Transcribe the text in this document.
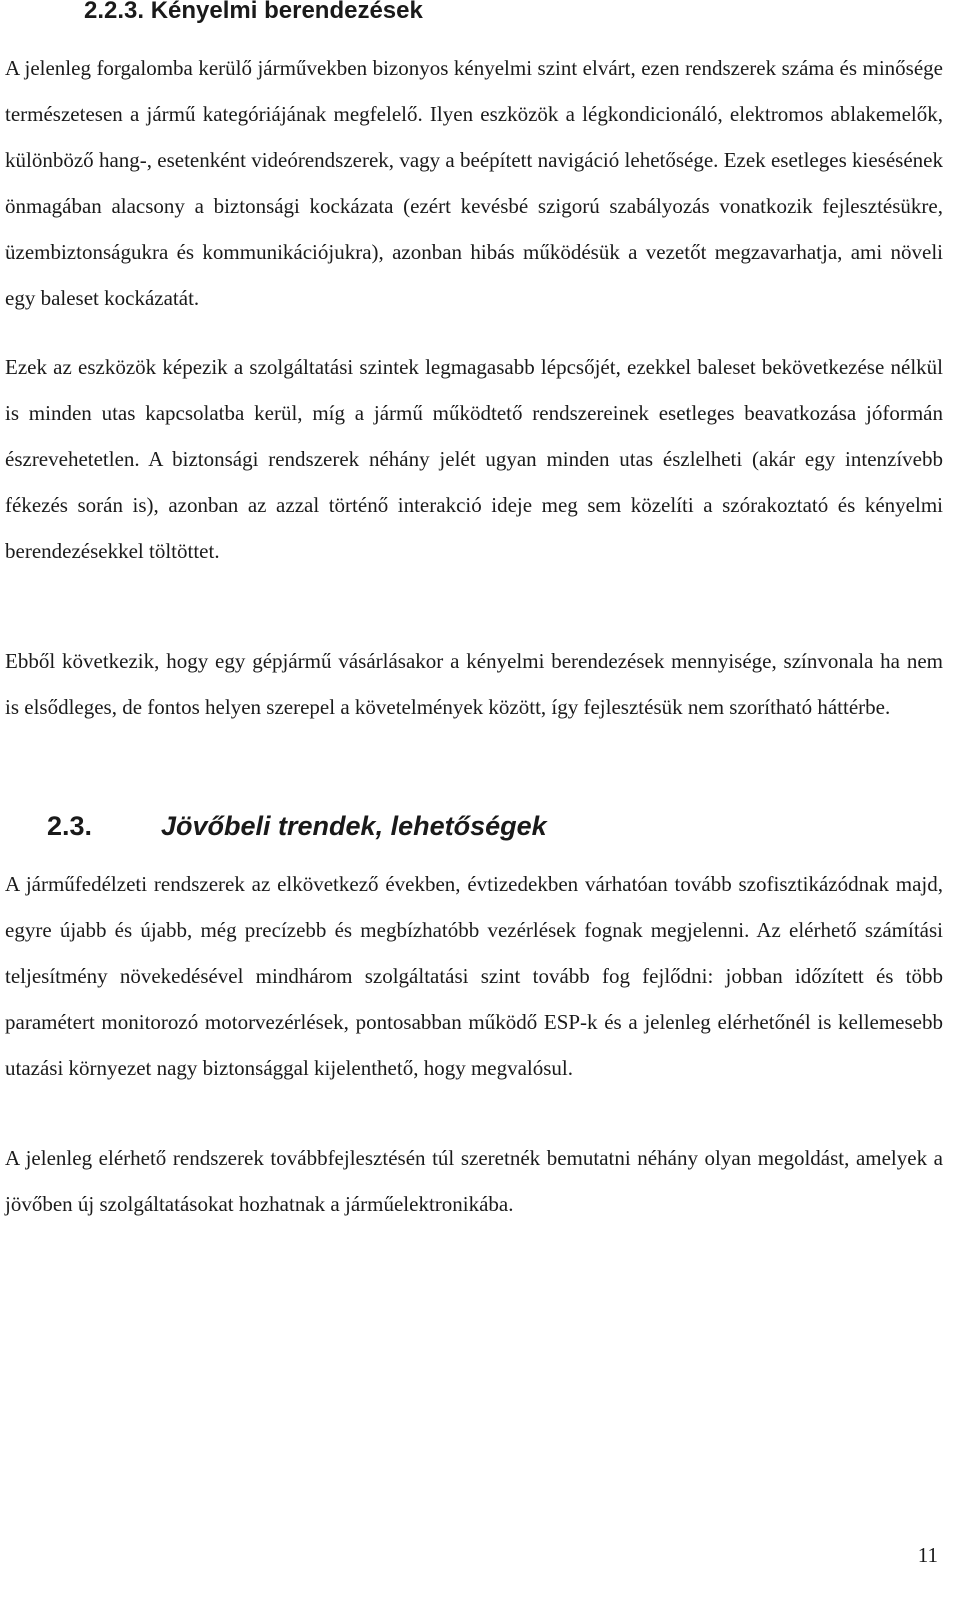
2.2.3. Kényelmi berendezések

A jelenleg forgalomba kerülő járművekben bizonyos kényelmi szint elvárt, ezen rendszerek száma és minősége természetesen a jármű kategóriájának megfelelő. Ilyen eszközök a légkondicionáló, elektromos ablakemelők, különböző hang-, esetenként videórendszerek, vagy a beépített navigáció lehetősége. Ezek esetleges kiesésének önmagában alacsony a biztonsági kockázata (ezért kevésbé szigorú szabályozás vonatkozik fejlesztésükre, üzembiztonságukra és kommunikációjukra), azonban hibás működésük a vezetőt megzavarhatja, ami növeli egy baleset kockázatát.

Ezek az eszközök képezik a szolgáltatási szintek legmagasabb lépcsőjét, ezekkel baleset bekövetkezése nélkül is minden utas kapcsolatba kerül, míg a jármű működtető rendszereinek esetleges beavatkozása jóformán észrevehetetlen. A biztonsági rendszerek néhány jelét ugyan minden utas észlelheti (akár egy intenzívebb fékezés során is), azonban az azzal történő interakció ideje meg sem közelíti a szórakoztató és kényelmi berendezésekkel töltöttet.

Ebből következik, hogy egy gépjármű vásárlásakor a kényelmi berendezések mennyisége, színvonala ha nem is elsődleges, de fontos helyen szerepel a követelmények között, így fejlesztésük nem szorítható háttérbe.

2.3.	Jövőbeli trendek, lehetőségek

A járműfedélzeti rendszerek az elkövetkező években, évtizedekben várhatóan tovább szofisztikázódnak majd, egyre újabb és újabb, még precízebb és megbízhatóbb vezérlések fognak megjelenni. Az elérhető számítási teljesítmény növekedésével mindhárom szolgáltatási szint tovább fog fejlődni: jobban időzített és több paramétert monitorozó motorvezérlések, pontosabban működő ESP-k és a jelenleg elérhetőnél is kellemesebb utazási környezet nagy biztonsággal kijelenthető, hogy megvalósul.

A jelenleg elérhető rendszerek továbbfejlesztésén túl szeretnék bemutatni néhány olyan megoldást, amelyek a jövőben új szolgáltatásokat hozhatnak a járműelektronikába.

11
